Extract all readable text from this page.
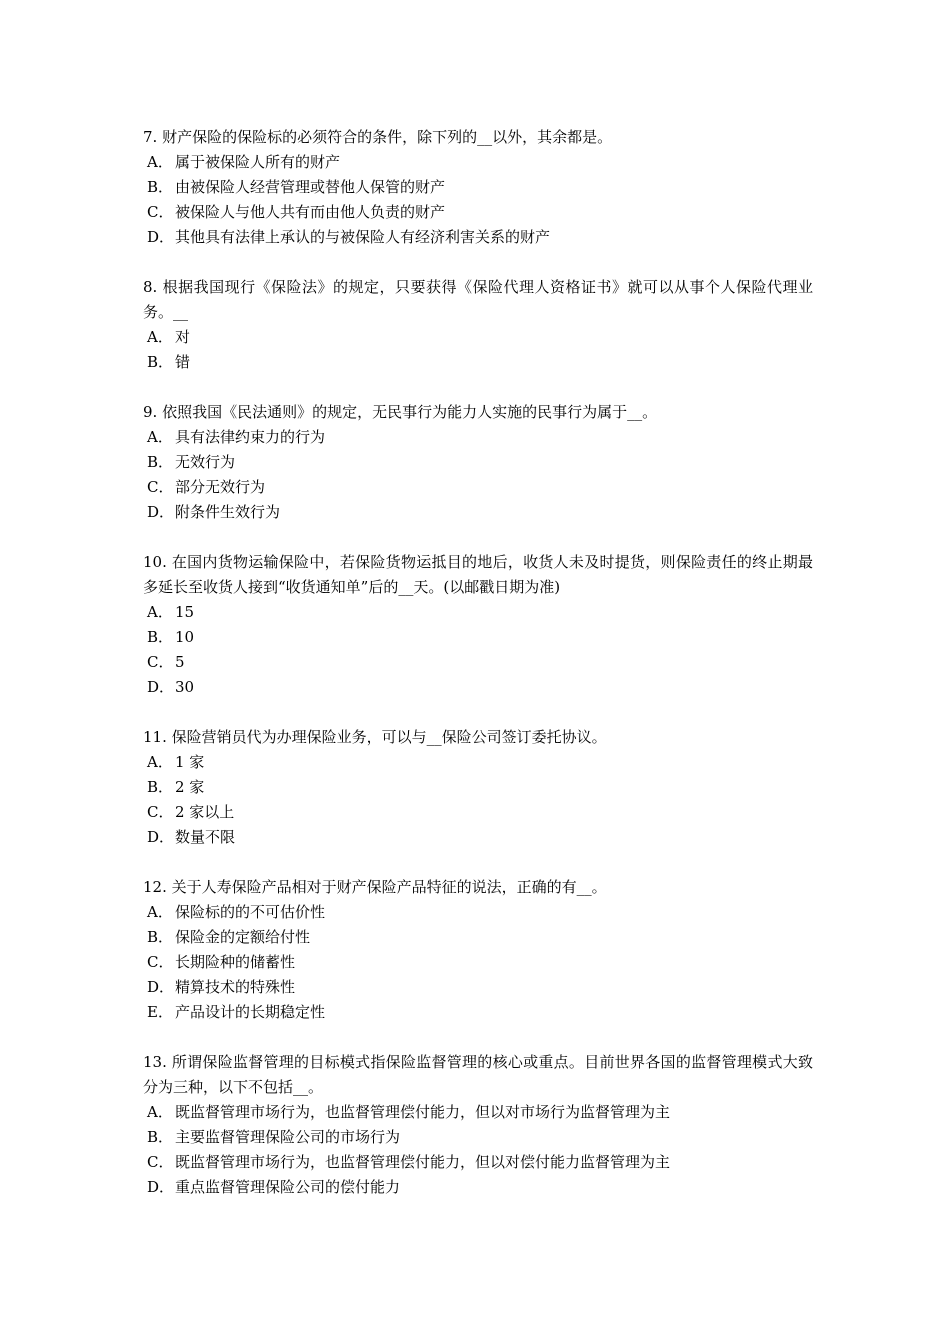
7. 财产保险的保险标的必须符合的条件，除下列的__以外，其余都是。

A． 属于被保险人所有的财产

B． 由被保险人经营管理或替他人保管的财产

C． 被保险人与他人共有而由他人负责的财产

D．其他具有法律上承认的与被保险人有经济利害关系的财产

8. 根据我国现行《保险法》的规定，只要获得《保险代理人资格证书》就可以从事个人保险代理业务。__

A． 对

B． 错

9. 依照我国《民法通则》的规定，无民事行为能力人实施的民事行为属于__。

A． 具有法律约束力的行为

B． 无效行为

C． 部分无效行为

D．附条件生效行为

10. 在国内货物运输保险中，若保险货物运抵目的地后，收货人未及时提货，则保险责任的终止期最多延长至收货人接到“收货通知单”后的__天。(以邮戳日期为准)

A． 15

B． 10

C． 5

D．30

11. 保险营销员代为办理保险业务，可以与__保险公司签订委托协议。

A． 1 家

B． 2 家

C． 2 家以上

D．数量不限

12. 关于人寿保险产品相对于财产保险产品特征的说法，正确的有__。

A． 保险标的的不可估价性

B． 保险金的定额给付性

C． 长期险种的储蓄性

D．精算技术的特殊性

E． 产品设计的长期稳定性

13. 所谓保险监督管理的目标模式指保险监督管理的核心或重点。目前世界各国的监督管理模式大致分为三种，以下不包括__。

A． 既监督管理市场行为，也监督管理偿付能力，但以对市场行为监督管理为主

B． 主要监督管理保险公司的市场行为

C． 既监督管理市场行为，也监督管理偿付能力，但以对偿付能力监督管理为主

D．重点监督管理保险公司的偿付能力
